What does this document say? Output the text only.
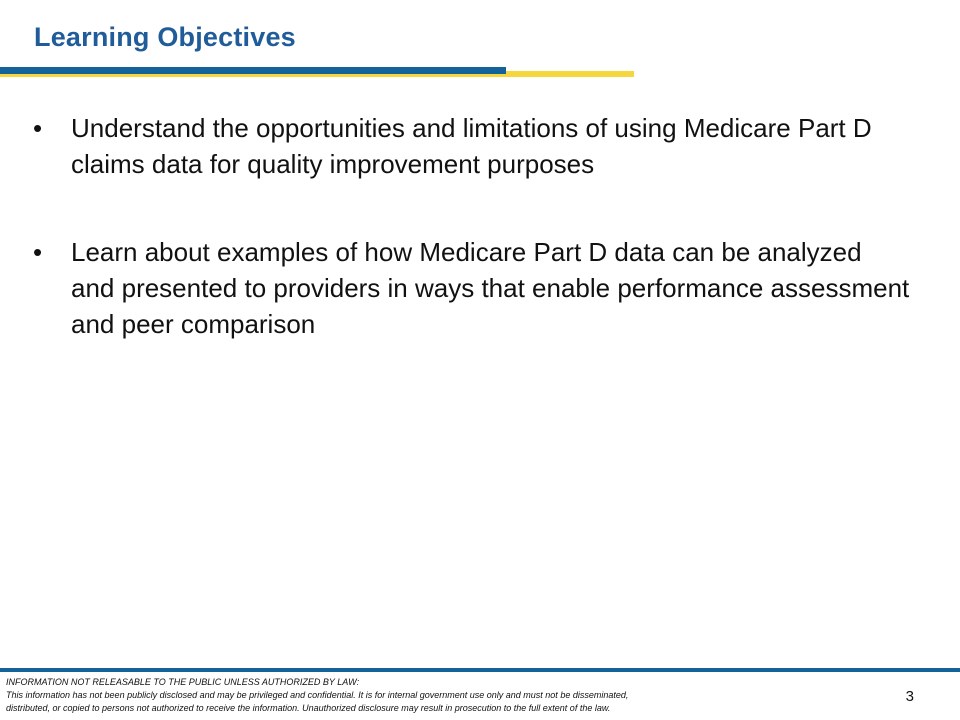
Learning Objectives
• Understand the opportunities and limitations of using Medicare Part D claims data for quality improvement purposes
• Learn about examples of how Medicare Part D data can be analyzed and presented to providers in ways that enable performance assessment and peer comparison
INFORMATION NOT RELEASABLE TO THE PUBLIC UNLESS AUTHORIZED BY LAW:
This information has not been publicly disclosed and may be privileged and confidential. It is for internal government use only and must not be disseminated,
distributed, or copied to persons not authorized to receive the information. Unauthorized disclosure may result in prosecution to the full extent of the law.
3
